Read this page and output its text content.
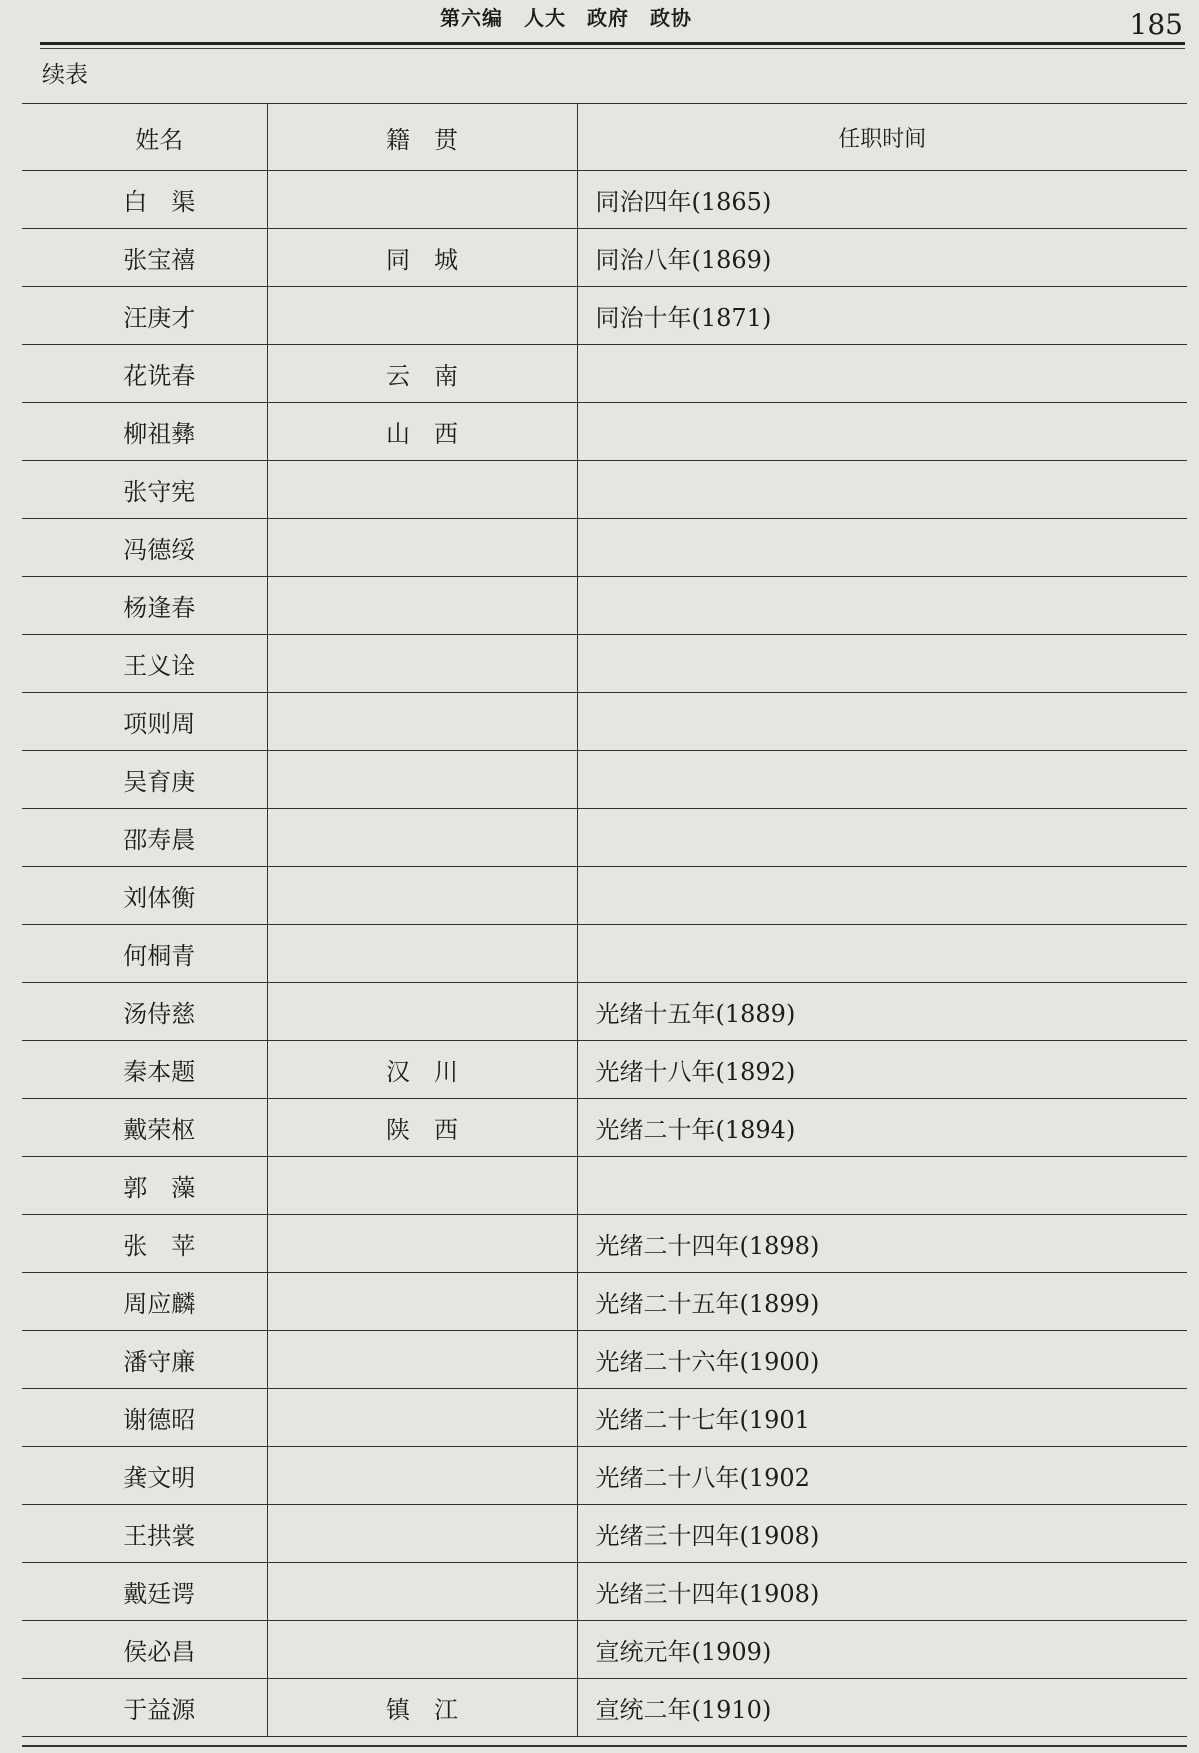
第六编　人大　政府　政协	185
续表
姓名	籍　贯	任职时间
白　渠		同治四年(1865)
张宝禧	同　城	同治八年(1869)
汪庚才		同治十年(1871)
花诜春	云　南	
柳祖彝	山　西	
张守宪		
冯德绥		
杨逢春		
王义诠		
项则周		
吴育庚		
邵寿晨		
刘体衡		
何桐青		
汤侍慈		光绪十五年(1889)
秦本题	汉　川	光绪十八年(1892)
戴荣枢	陕　西	光绪二十年(1894)
郭　藻		
张　苹		光绪二十四年(1898)
周应麟		光绪二十五年(1899)
潘守廉		光绪二十六年(1900)
谢德昭		光绪二十七年(1901
龚文明		光绪二十八年(1902
王拱裳		光绪三十四年(1908)
戴廷谔		光绪三十四年(1908)
侯必昌		宣统元年(1909)
于益源	镇　江	宣统二年(1910)
